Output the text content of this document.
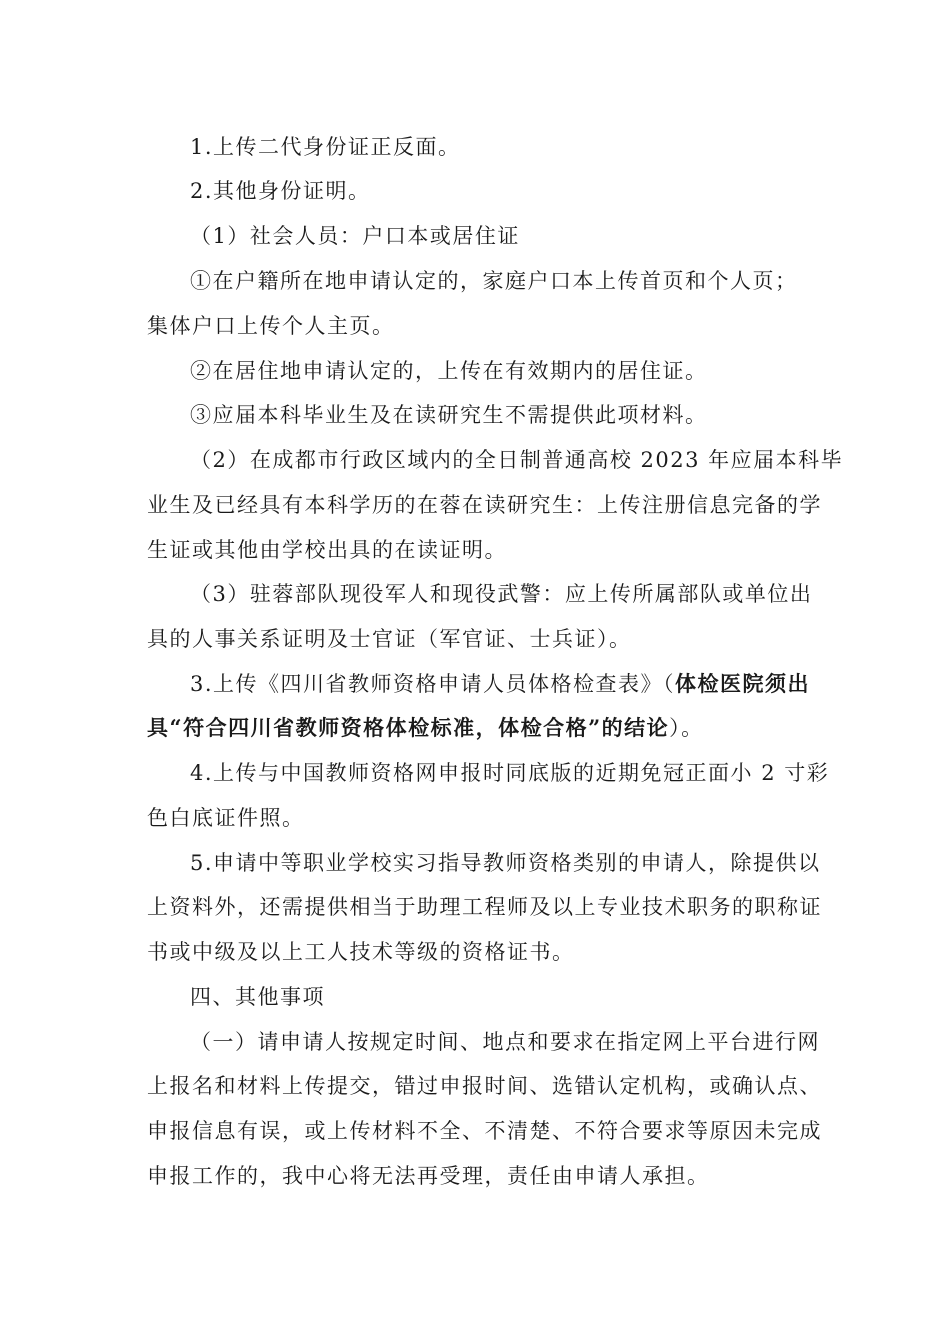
1.上传二代身份证正反面。
2.其他身份证明。
（1）社会人员：户口本或居住证
①在户籍所在地申请认定的，家庭户口本上传首页和个人页；
集体户口上传个人主页。
②在居住地申请认定的，上传在有效期内的居住证。
③应届本科毕业生及在读研究生不需提供此项材料。
（2）在成都市行政区域内的全日制普通高校 2023 年应届本科毕
业生及已经具有本科学历的在蓉在读研究生：上传注册信息完备的学
生证或其他由学校出具的在读证明。
（3）驻蓉部队现役军人和现役武警：应上传所属部队或单位出
具的人事关系证明及士官证（军官证、士兵证）。
3.上传《四川省教师资格申请人员体格检查表》（体检医院须出
具“符合四川省教师资格体检标准，体检合格”的结论）。
4.上传与中国教师资格网申报时同底版的近期免冠正面小 2 寸彩
色白底证件照。
5.申请中等职业学校实习指导教师资格类别的申请人，除提供以
上资料外，还需提供相当于助理工程师及以上专业技术职务的职称证
书或中级及以上工人技术等级的资格证书。
四、其他事项
（一）请申请人按规定时间、地点和要求在指定网上平台进行网
上报名和材料上传提交，错过申报时间、选错认定机构，或确认点、
申报信息有误，或上传材料不全、不清楚、不符合要求等原因未完成
申报工作的，我中心将无法再受理，责任由申请人承担。
